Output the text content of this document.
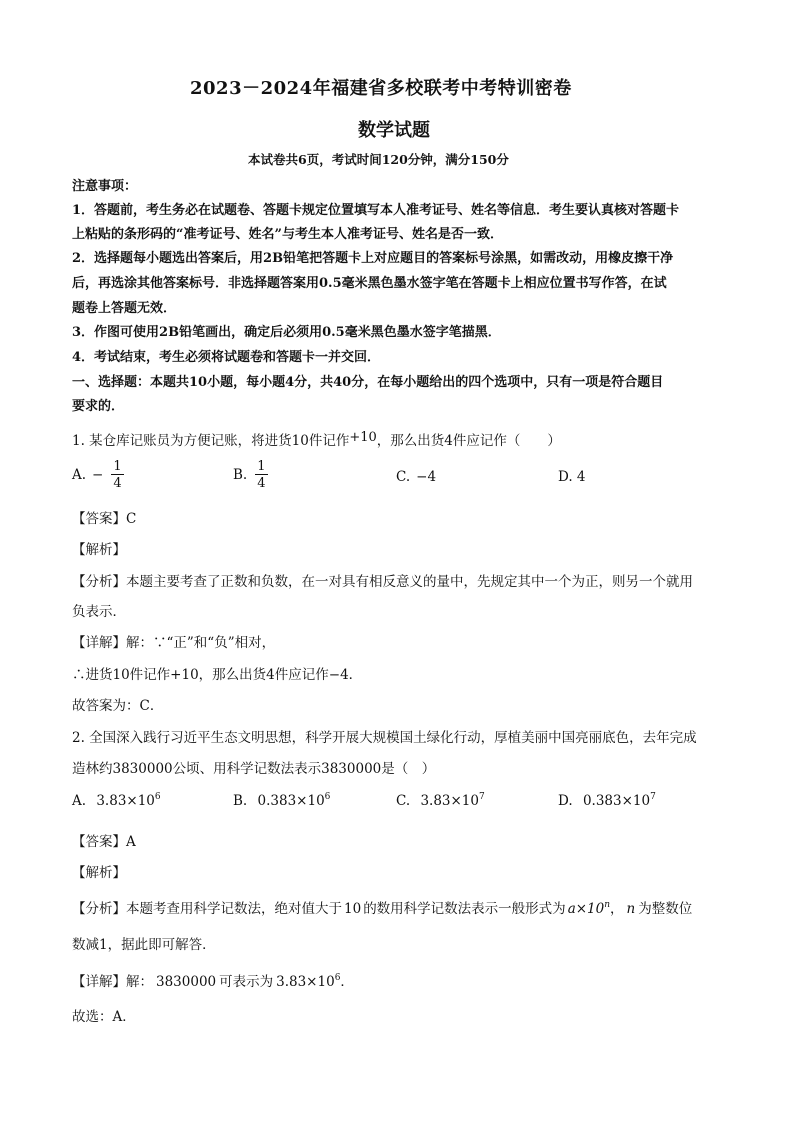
2023－2024年福建省多校联考中考特训密卷
数学试题
本试卷共6页，考试时间120分钟，满分150分
注意事项：
1．答题前，考生务必在试题卷、答题卡规定位置填写本人准考证号、姓名等信息．考生要认真核对答题卡
上粘贴的条形码的“准考证号、姓名”与考生本人准考证号、姓名是否一致．
2．选择题每小题选出答案后，用2B铅笔把答题卡上对应题目的答案标号涂黑，如需改动，用橡皮擦干净
后，再选涂其他答案标号．非选择题答案用0.5毫米黑色墨水签字笔在答题卡上相应位置书写作答，在试
题卷上答题无效．
3．作图可使用2B铅笔画出，确定后必须用0.5毫米黑色墨水签字笔描黑．
4．考试结束，考生必须将试题卷和答题卡一并交回．
一、选择题：本题共10小题，每小题4分，共40分，在每小题给出的四个选项中，只有一项是符合题目
要求的．
1. 某仓库记账员为方便记账，将进货10件记作$^{+10}$，那么出货4件应记作（　　）
A. − $\frac{1}{4}$	B. $\frac{1}{4}$	C. −4	D. 4
【答案】C
【解析】
【分析】本题主要考查了正数和负数，在一对具有相反意义的量中，先规定其中一个为正，则另一个就用
负表示．
【详解】解：∵“正”和“负”相对，
∴进货10件记作+10，那么出货4件应记作−4．
故答案为：C．
2. 全国深入践行习近平生态文明思想，科学开展大规模国土绿化行动，厚植美丽中国亮丽底色，去年完成
造林约3830000公顷、用科学记数法表示3830000是（　）
A. $3.83\times 10^6$	B. $0.383\times 10^6$	C. $3.83\times 10^7$	D. $0.383\times 10^7$
【答案】A
【解析】
【分析】本题考查用科学记数法，绝对值大于 10 的数用科学记数法表示一般形式为 $a\times 10^n$， n 为整数位
数减1，据此即可解答．
【详解】解： 3830000 可表示为 $3.83\times 10^6$．
故选：A．
